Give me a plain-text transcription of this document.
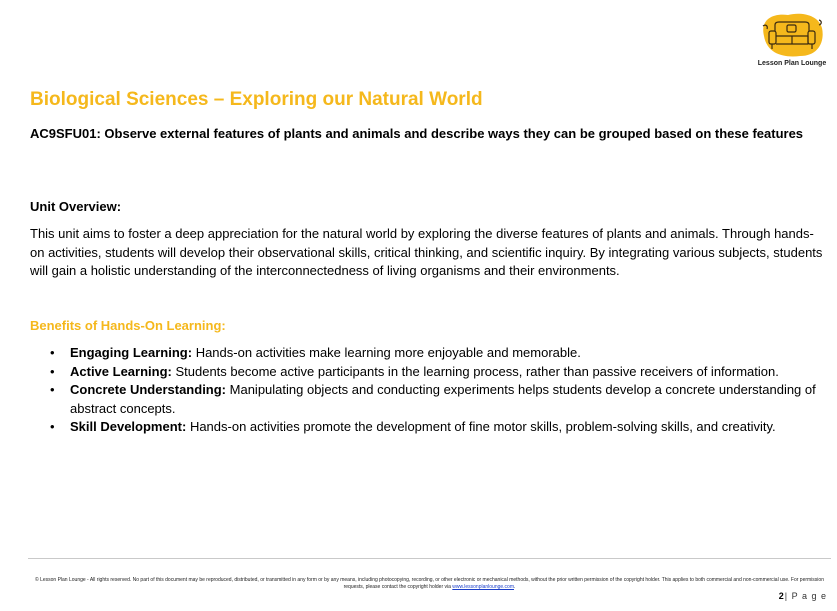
Lesson Plan Lounge
Biological Sciences – Exploring our Natural World

AC9SFU01: Observe external features of plants and animals and describe ways they can be grouped based on these features

Unit Overview:

This unit aims to foster a deep appreciation for the natural world by exploring the diverse features of plants and animals. Through hands-on activities, students will develop their observational skills, critical thinking, and scientific inquiry. By integrating various subjects, students will gain a holistic understanding of the interconnectedness of living organisms and their environments.

Benefits of Hands-On Learning:
• Engaging Learning: Hands-on activities make learning more enjoyable and memorable.
• Active Learning: Students become active participants in the learning process, rather than passive receivers of information.
• Concrete Understanding: Manipulating objects and conducting experiments helps students develop a concrete understanding of abstract concepts.
• Skill Development: Hands-on activities promote the development of fine motor skills, problem-solving skills, and creativity.

© Lesson Plan Lounge - All rights reserved. No part of this document may be reproduced, distributed, or transmitted in any form or by any means, including photocopying, recording, or other electronic or mechanical methods, without the prior written permission of the copyright holder. This applies to both commercial and non-commercial use. For permission requests, please contact the copyright holder via www.lessonplanlounge.com.

2| P a g e
